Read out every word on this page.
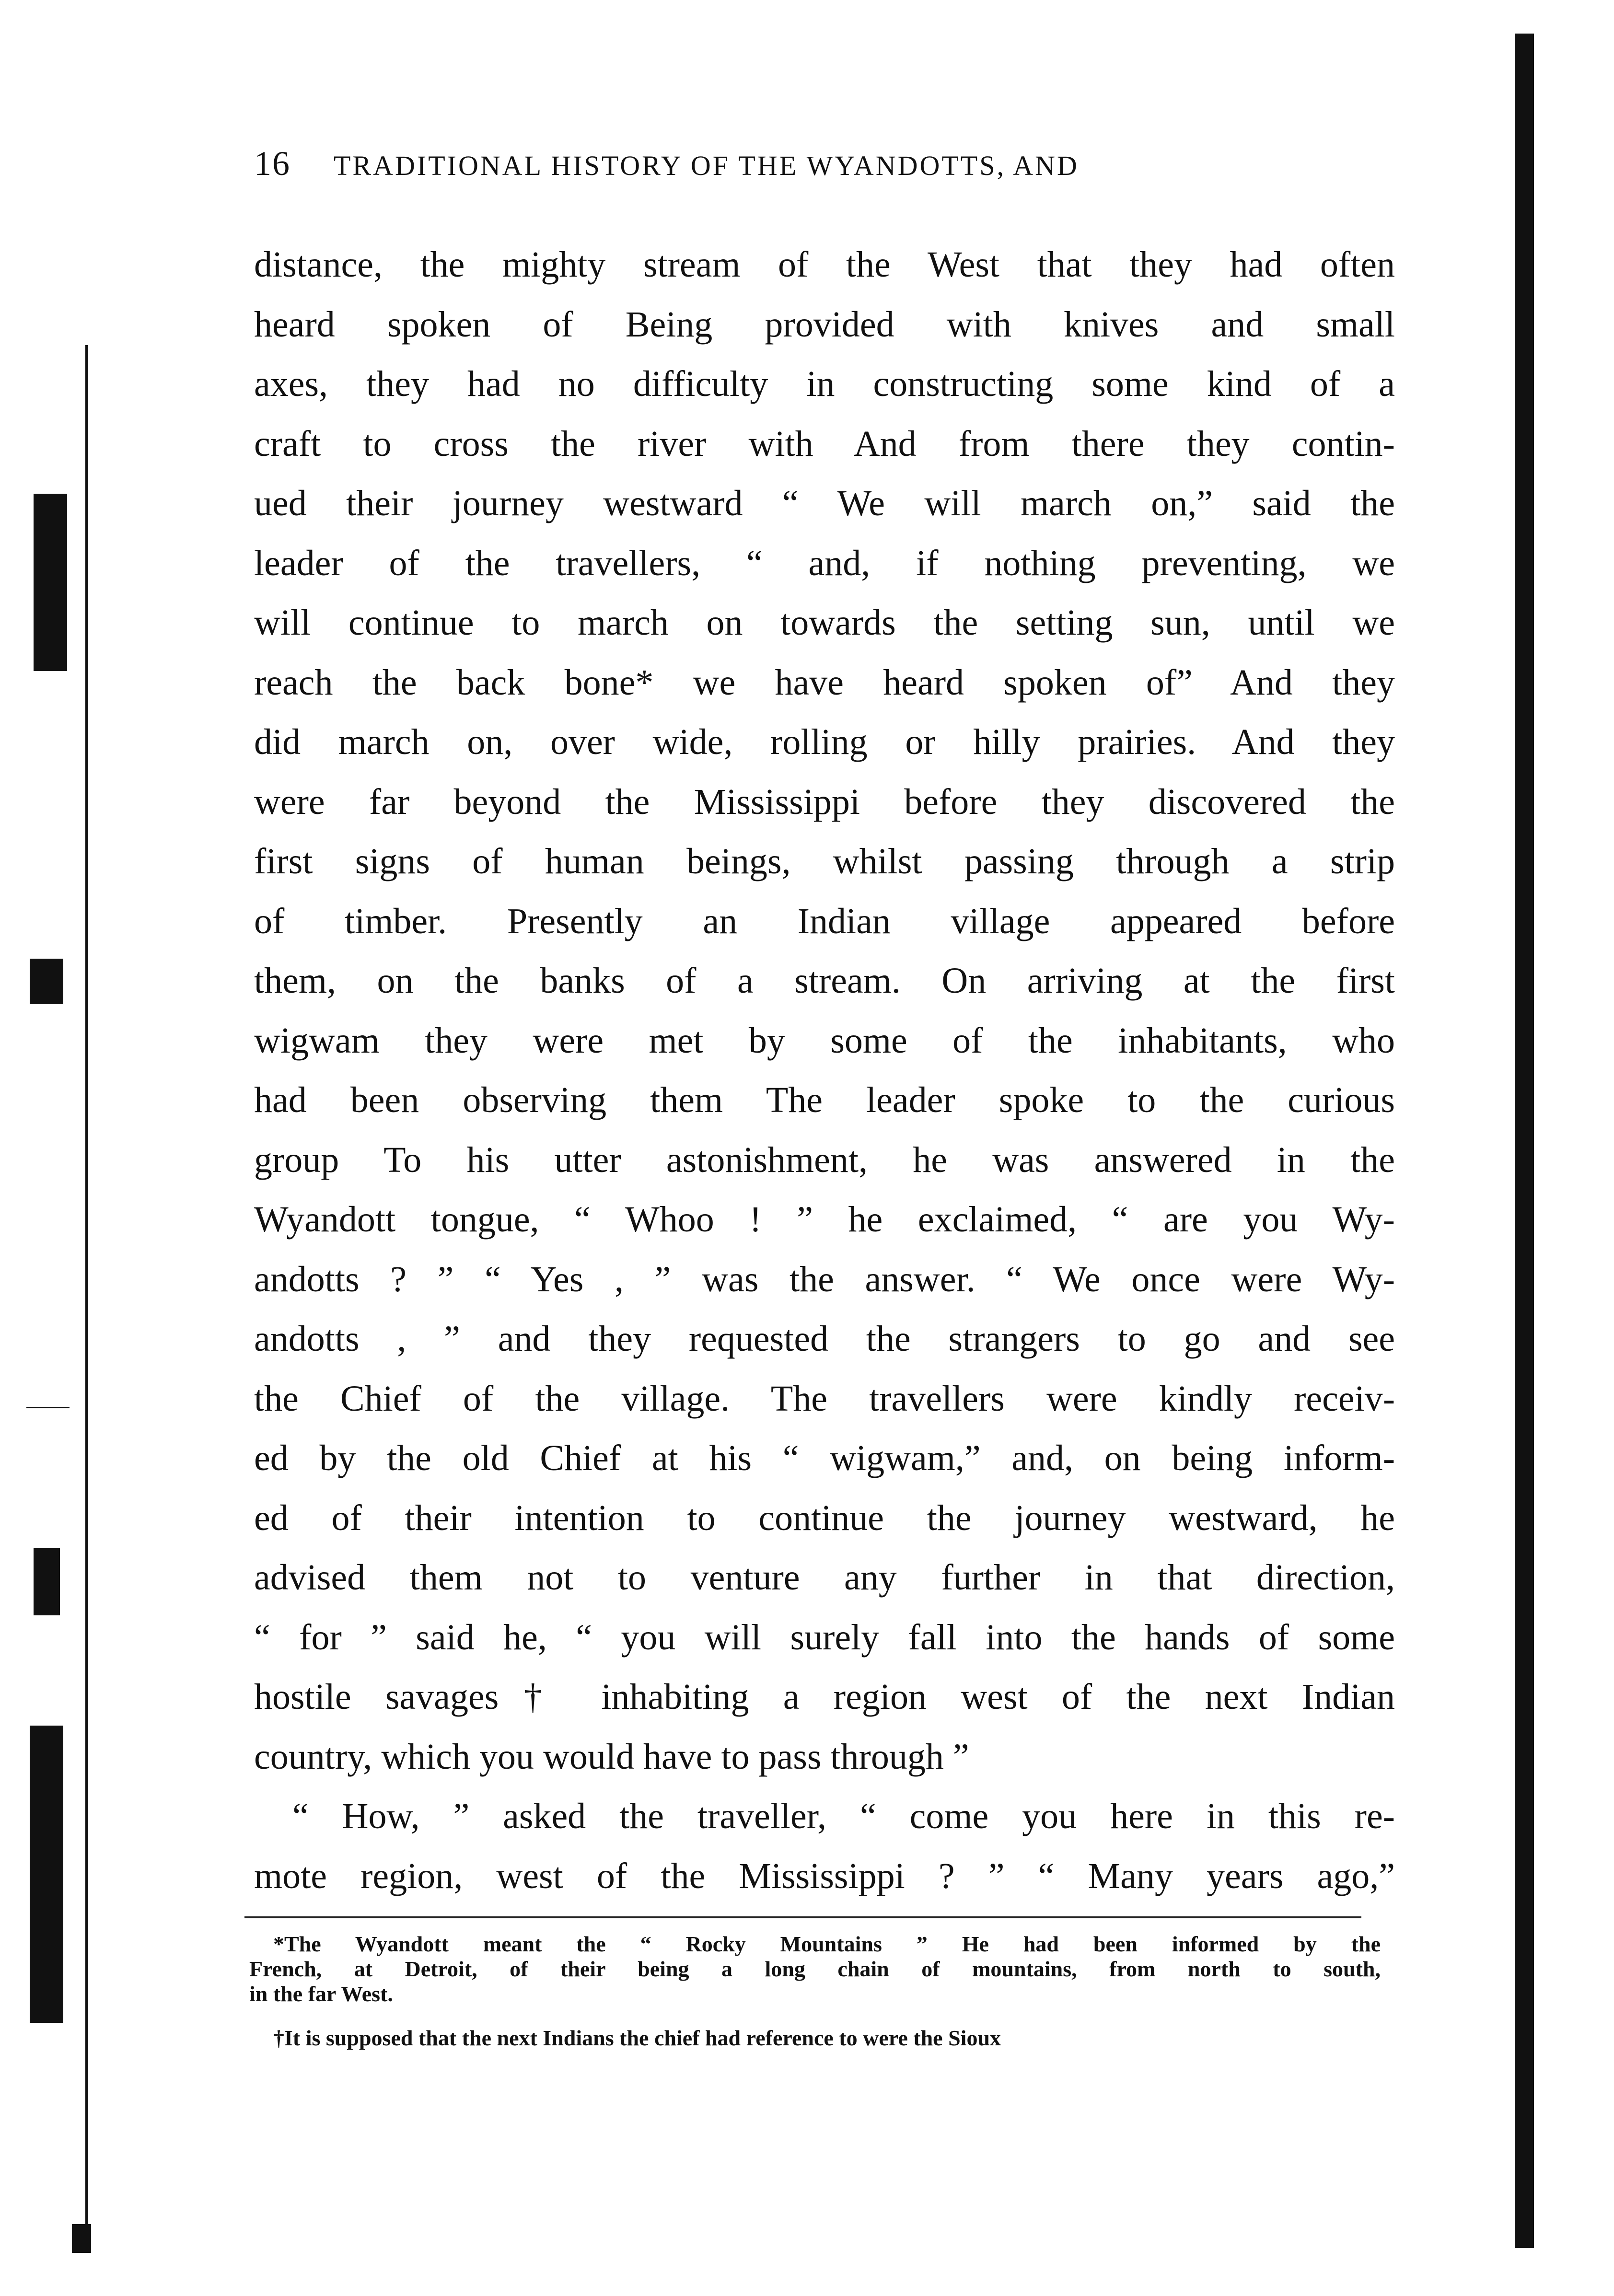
16 TRADITIONAL HISTORY OF THE WYANDOTTS, AND
distance, the mighty stream of the West that they had often
heard spoken of Being provided with knives and small
axes, they had no difficulty in constructing some kind of a
craft to cross the river with And from there they contin-
ued their journey westward “ We will march on,” said the
leader of the travellers, “ and, if nothing preventing, we
will continue to march on towards the setting sun, until we
reach the back bone* we have heard spoken of” And they
did march on, over wide, rolling or hilly prairies. And they
were far beyond the Mississippi before they discovered the
first signs of human beings, whilst passing through a strip
of timber. Presently an Indian village appeared before
them, on the banks of a stream. On arriving at the first
wigwam they were met by some of the inhabitants, who
had been observing them The leader spoke to the curious
group To his utter astonishment, he was answered in the
Wyandott tongue, “ Whoo ! ” he exclaimed, “ are you Wy-
andotts ? ” “ Yes , ” was the answer. “ We once were Wy-
andotts , ” and they requested the strangers to go and see
the Chief of the village. The travellers were kindly receiv-
ed by the old Chief at his “ wigwam,” and, on being inform-
ed of their intention to continue the journey westward, he
advised them not to venture any further in that direction,
“ for ” said he, “ you will surely fall into the hands of some
hostile savages† inhabiting a region west of the next Indian
country, which you would have to pass through ”
“ How, ” asked the traveller, “ come you here in this re-
mote region, west of the Mississippi ? ” “ Many years ago,”
*The Wyandott meant the “ Rocky Mountains ” He had been informed by the
French, at Detroit, of their being a long chain of mountains, from north to south,
in the far West.
†It is supposed that the next Indians the chief had reference to were the Sioux
